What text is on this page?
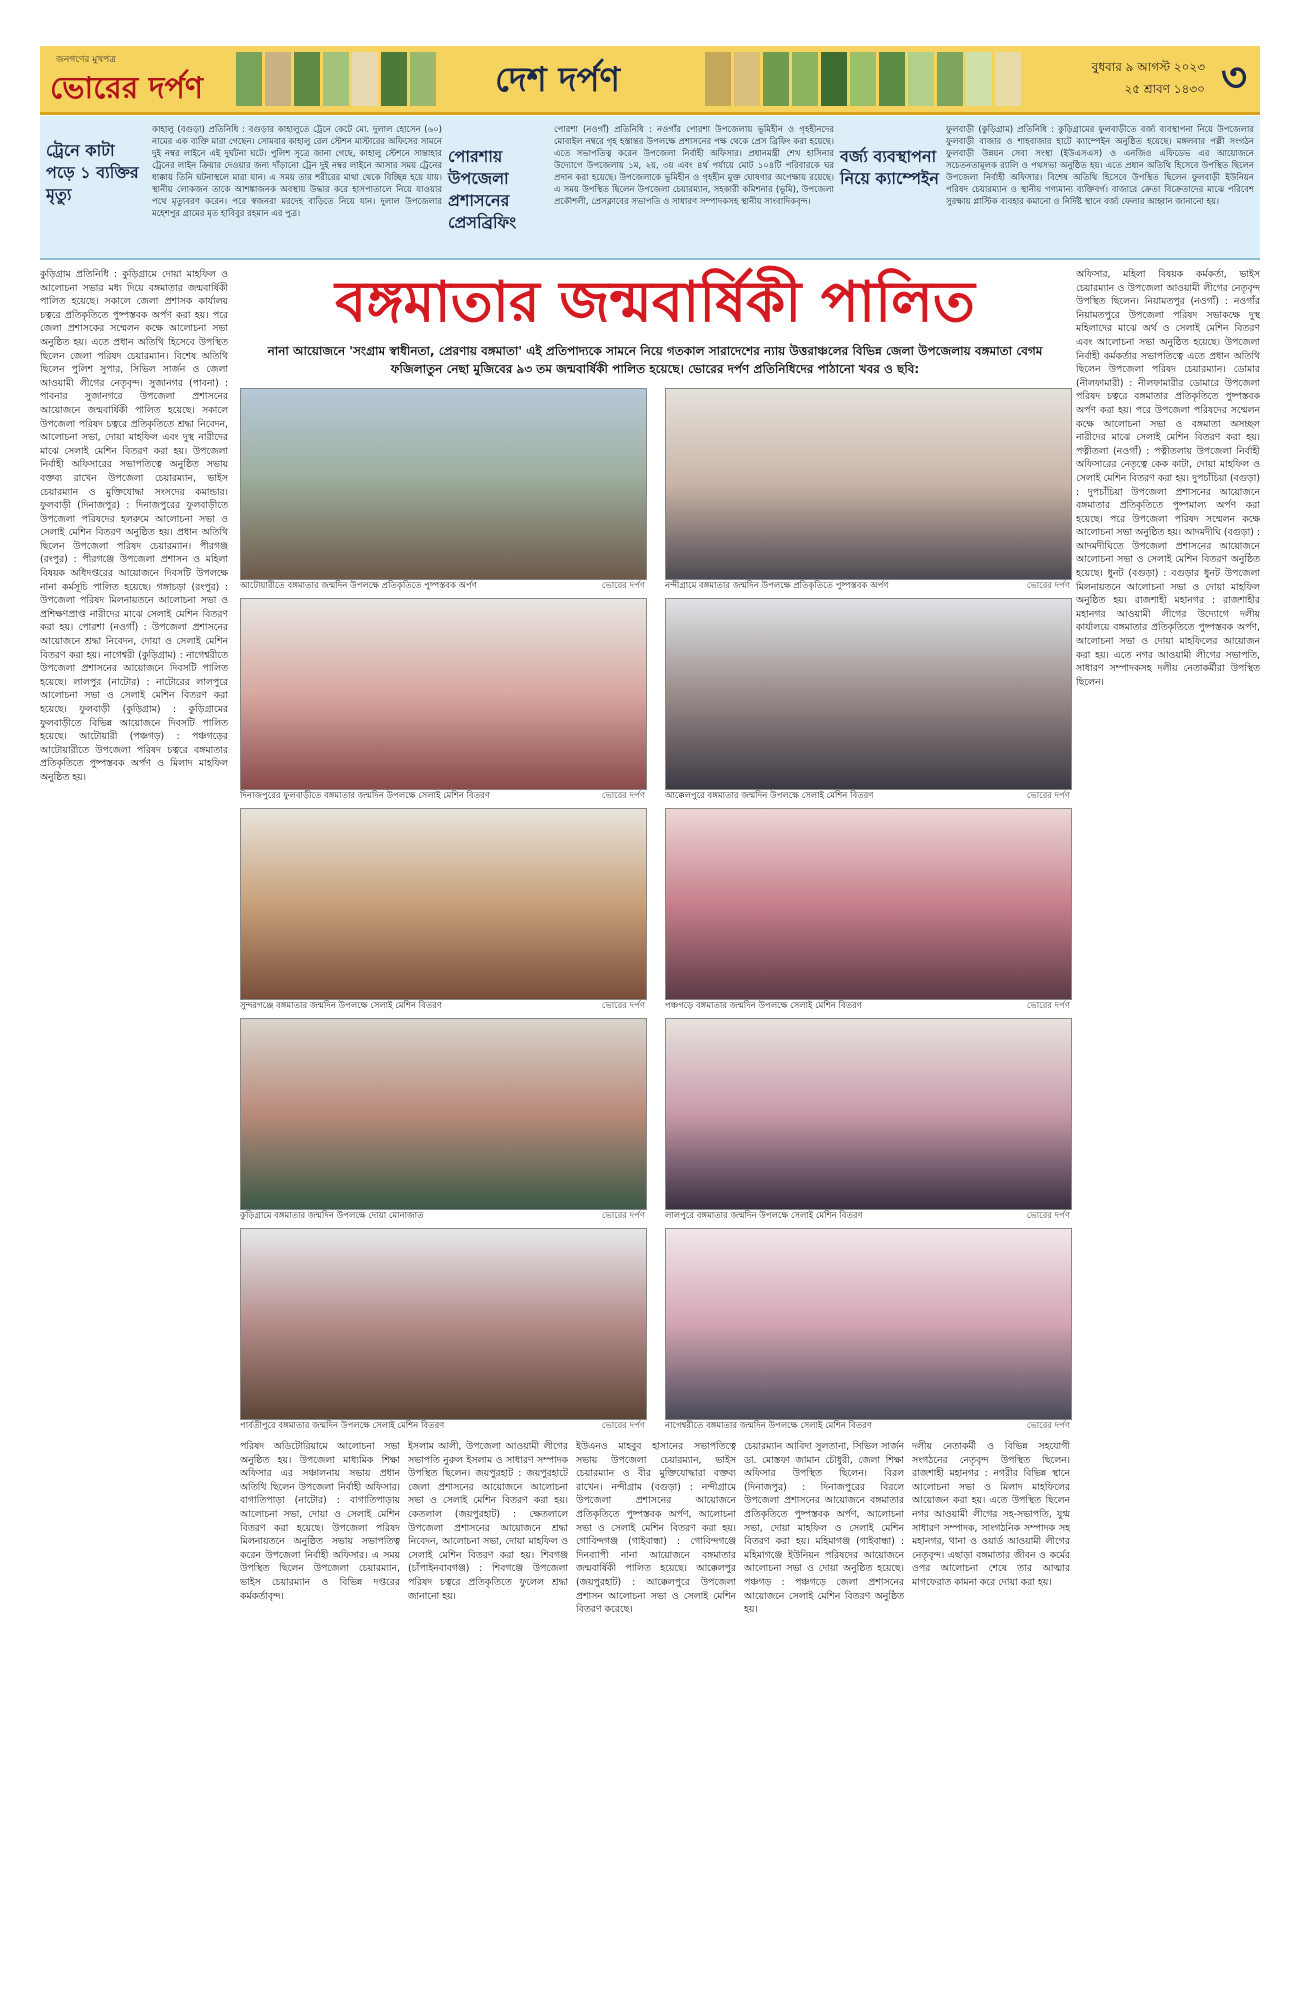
জনগণের মুখপত্র
ভোরের দর্পণ	দেশ দর্পণ	বুধবার ৯ আগস্ট ২০২৩
২৫ শ্রাবণ ১৪৩০ ৩
ট্রেনে কাটা পড়ে ১ ব্যক্তির মৃত্যু
কাহালু (বগুড়া) প্রতিনিধি : বগুড়ার কাহালুতে ট্রেনে কেটে মো. দুলাল হোসেন (৬০) নামের এক ব্যক্তি মারা গেছেন। সোমবার কাহালু রেল স্টেশন মাস্টারের অফিসের সামনে দুই নম্বর লাইনে এই দুর্ঘটনা ঘটে। পুলিশ সূত্রে জানা গেছে, কাহালু স্টেশনে সান্তাহার ট্রেনের লাইন ক্রিয়ার দেওয়ার জন্য দাঁড়ানো ট্রেন দুই নম্বর লাইনে আসার সময় ট্রেনের ধাক্কায় তিনি ঘটনাস্থলে মারা যান। এ সময় তার শরীরের মাথা থেকে বিচ্ছিন্ন হয়ে যায়। স্থানীয় লোকজন তাকে আশঙ্কাজনক অবস্থায় উদ্ধার করে হাসপাতালে নিয়ে যাওয়ার পথে মৃত্যুবরণ করেন। পরে স্বজনরা মরদেহ বাড়িতে নিয়ে যান। দুলাল উপজেলার মহেশপুর গ্রামের মৃত হাবিবুর রহমান এর পুত্র।
পোরশায় উপজেলা প্রশাসনের প্রেসব্রিফিং
পোরশা (নওগাঁ) প্রতিনিধি : নওগাঁর পোরশা উপজেলায় ভূমিহীন ও গৃহহীনদের মোবাইল নম্বরে গৃহ হস্তান্তর উপলক্ষে প্রশাসনের পক্ষ থেকে প্রেস ব্রিফিং করা হয়েছে। এতে সভাপতিত্ব করেন উপজেলা নির্বাহী অফিসার। প্রধানমন্ত্রী শেখ হাসিনার উদ্যোগে উপজেলায় ১ম, ২য়, ৩য় এবং ৪র্থ পর্যায়ে মোট ১০৪টি পরিবারকে ঘর প্রদান করা হয়েছে। উপজেলাকে ভূমিহীন ও গৃহহীন মুক্ত ঘোষণার অপেক্ষায় রয়েছে। এ সময় উপস্থিত ছিলেন উপজেলা চেয়ারম্যান, সহকারী কমিশনার (ভূমি), উপজেলা প্রকৌশলী, প্রেসক্লাবের সভাপতি ও সাধারণ সম্পাদকসহ স্থানীয় সাংবাদিকবৃন্দ।
বর্জ্য ব্যবস্থাপনা নিয়ে ক্যাম্পেইন
ফুলবাড়ী (কুড়িগ্রাম) প্রতিনিধি : কুড়িগ্রামের ফুলবাড়ীতে বর্জ্য ব্যবস্থাপনা নিয়ে উপজেলার ফুলবাড়ী বাজার ও শাহবাজার হাটে ক্যাম্পেইন অনুষ্ঠিত হয়েছে। মঙ্গলবার পল্লী সংগঠন ফুলবাড়ী উন্নয়ন সেবা সংস্থা (ইউএসএস) ও এনজিও এফিডেভ এর আয়োজনে সচেতনতামূলক র‍্যালি ও পথসভা অনুষ্ঠিত হয়। এতে প্রধান অতিথি হিসেবে উপস্থিত ছিলেন উপজেলা নির্বাহী অফিসার। বিশেষ অতিথি হিসেবে উপস্থিত ছিলেন ফুলবাড়ী ইউনিয়ন পরিষদ চেয়ারম্যান ও স্থানীয় গণ্যমান্য ব্যক্তিবর্গ। বাজারে ক্রেতা বিক্রেতাদের মাঝে পরিবেশ সুরক্ষায় প্লাস্টিক ব্যবহার কমানো ও নির্দিষ্ট স্থানে বর্জ্য ফেলার আহ্বান জানানো হয়।
বঙ্গমাতার জন্মবার্ষিকী পালিত
নানা আয়োজনে 'সংগ্রাম স্বাধীনতা, প্রেরণায় বঙ্গমাতা' এই প্রতিপাদ্যকে সামনে নিয়ে গতকাল সারাদেশের ন্যায় উত্তরাঞ্চলের বিভিন্ন জেলা উপজেলায় বঙ্গমাতা বেগম ফজিলাতুন নেছা মুজিবের ৯৩ তম জন্মবার্ষিকী পালিত হয়েছে। ভোরের দর্পণ প্রতিনিধিদের পাঠানো খবর ও ছবি:
কুড়িগ্রাম প্রতিনিধি : কুড়িগ্রামে দোয়া মাহফিল ও আলোচনা সভার মধ্য দিয়ে বঙ্গমাতার জন্মবার্ষিকী পালিত হয়েছে। সকালে জেলা প্রশাসক কার্যালয় চত্বরে প্রতিকৃতিতে পুষ্পস্তবক অর্পণ করা হয়। পরে জেলা প্রশাসকের সম্মেলন কক্ষে আলোচনা সভা অনুষ্ঠিত হয়। এতে প্রধান অতিথি হিসেবে উপস্থিত ছিলেন জেলা পরিষদ চেয়ারম্যান। বিশেষ অতিথি ছিলেন পুলিশ সুপার, সিভিল সার্জন ও জেলা আওয়ামী লীগের নেতৃবৃন্দ। সুজানগর (পাবনা) : পাবনার সুজানগরে উপজেলা প্রশাসনের আয়োজনে জন্মবার্ষিকী পালিত হয়েছে। সকালে উপজেলা পরিষদ চত্বরে প্রতিকৃতিতে শ্রদ্ধা নিবেদন, আলোচনা সভা, দোয়া মাহফিল এবং দুস্থ নারীদের মাঝে সেলাই মেশিন বিতরণ করা হয়। উপজেলা নির্বাহী অফিসারের সভাপতিত্বে অনুষ্ঠিত সভায় বক্তব্য রাখেন উপজেলা চেয়ারম্যান, ভাইস চেয়ারম্যান ও মুক্তিযোদ্ধা সংসদের কমান্ডার। ফুলবাড়ী (দিনাজপুর) : দিনাজপুরের ফুলবাড়ীতে উপজেলা পরিষদের হলরুমে আলোচনা সভা ও সেলাই মেশিন বিতরণ অনুষ্ঠিত হয়। প্রধান অতিথি ছিলেন উপজেলা পরিষদ চেয়ারম্যান। পীরগঞ্জ (রংপুর) : পীরগঞ্জে উপজেলা প্রশাসন ও মহিলা বিষয়ক অধিদপ্তরের আয়োজনে দিবসটি উপলক্ষে নানা কর্মসূচি পালিত হয়েছে। গঙ্গাচড়া (রংপুর) : উপজেলা পরিষদ মিলনায়তনে আলোচনা সভা ও প্রশিক্ষণপ্রাপ্ত নারীদের মাঝে সেলাই মেশিন বিতরণ করা হয়। পোরশা (নওগাঁ) : উপজেলা প্রশাসনের আয়োজনে শ্রদ্ধা নিবেদন, দোয়া ও সেলাই মেশিন বিতরণ করা হয়। নাগেশ্বরী (কুড়িগ্রাম) : নাগেশ্বরীতে উপজেলা প্রশাসনের আয়োজনে দিবসটি পালিত হয়েছে। লালপুর (নাটোর) : নাটোরের লালপুরে আলোচনা সভা ও সেলাই মেশিন বিতরণ করা হয়েছে। ফুলবাড়ী (কুড়িগ্রাম) : কুড়িগ্রামের ফুলবাড়ীতে বিভিন্ন আয়োজনে দিবসটি পালিত হয়েছে। আটোয়ারী (পঞ্চগড়) : পঞ্চগড়ের আটোয়ারীতে উপজেলা পরিষদ চত্বরে বঙ্গমাতার প্রতিকৃতিতে পুষ্পস্তবক অর্পণ ও মিলাদ মাহফিল অনুষ্ঠিত হয়।
অফিসার, মহিলা বিষয়ক কর্মকর্তা, ভাইস চেয়ারম্যান ও উপজেলা আওয়ামী লীগের নেতৃবৃন্দ উপস্থিত ছিলেন। নিয়ামতপুর (নওগাঁ) : নওগাঁর নিয়ামতপুরে উপজেলা পরিষদ সভাকক্ষে দুস্থ মহিলাদের মাঝে অর্থ ও সেলাই মেশিন বিতরণ এবং আলোচনা সভা অনুষ্ঠিত হয়েছে। উপজেলা নির্বাহী কর্মকর্তার সভাপতিত্বে এতে প্রধান অতিথি ছিলেন উপজেলা পরিষদ চেয়ারম্যান। ডোমার (নীলফামারী) : নীলফামারীর ডোমারে উপজেলা পরিষদ চত্বরে বঙ্গমাতার প্রতিকৃতিতে পুষ্পস্তবক অর্পণ করা হয়। পরে উপজেলা পরিষদের সম্মেলন কক্ষে আলোচনা সভা ও বঙ্গমাতা অসচ্ছল নারীদের মাঝে সেলাই মেশিন বিতরণ করা হয়। পত্নীতলা (নওগাঁ) : পত্নীতলায় উপজেলা নির্বাহী অফিসারের নেতৃত্বে কেক কাটা, দোয়া মাহফিল ও সেলাই মেশিন বিতরণ করা হয়। দুপচাঁচিয়া (বগুড়া) : দুপচাঁচিয়া উপজেলা প্রশাসনের আয়োজনে বঙ্গমাতার প্রতিকৃতিতে পুষ্পমাল্য অর্পণ করা হয়েছে। পরে উপজেলা পরিষদ সম্মেলন কক্ষে আলোচনা সভা অনুষ্ঠিত হয়। আদমদীঘি (বগুড়া) : আদমদীঘিতে উপজেলা প্রশাসনের আয়োজনে আলোচনা সভা ও সেলাই মেশিন বিতরণ অনুষ্ঠিত হয়েছে। ধুনট (বগুড়া) : বগুড়ার ধুনট উপজেলা মিলনায়তনে আলোচনা সভা ও দোয়া মাহফিল অনুষ্ঠিত হয়। রাজশাহী মহানগর : রাজশাহীর মহানগর আওয়ামী লীগের উদ্যোগে দলীয় কার্যালয়ে বঙ্গমাতার প্রতিকৃতিতে পুষ্পস্তবক অর্পণ, আলোচনা সভা ও দোয়া মাহফিলের আয়োজন করা হয়। এতে নগর আওয়ামী লীগের সভাপতি, সাধারণ সম্পাদকসহ দলীয় নেতাকর্মীরা উপস্থিত ছিলেন।
আটোয়ারীতে বঙ্গমাতার জন্মদিন উপলক্ষে প্রতিকৃতিতে পুষ্পস্তবক অর্পণ	ভোরের দর্পণ নন্দীগ্রামে বঙ্গমাতার জন্মদিন উপলক্ষে প্রতিকৃতিতে পুষ্পস্তবক অর্পণ	ভোরের দর্পণ
দিনাজপুরের ফুলবাড়ীতে বঙ্গমাতার জন্মদিন উপলক্ষে সেলাই মেশিন বিতরণ	ভোরের দর্পণ আক্কেলপুরে বঙ্গমাতার জন্মদিন উপলক্ষে সেলাই মেশিন বিতরণ	ভোরের দর্পণ
সুন্দরগঞ্জে বঙ্গমাতার জন্মদিন উপলক্ষে সেলাই মেশিন বিতরণ	ভোরের দর্পণ পঞ্চগড়ে বঙ্গমাতার জন্মদিন উপলক্ষে সেলাই মেশিন বিতরণ	ভোরের দর্পণ
কুড়িগ্রামে বঙ্গমাতার জন্মদিন উপলক্ষে দোয়া মোনাজাত	ভোরের দর্পণ লালপুরে বঙ্গমাতার জন্মদিন উপলক্ষে সেলাই মেশিন বিতরণ	ভোরের দর্পণ
পার্বতীপুরে বঙ্গমাতার জন্মদিন উপলক্ষে সেলাই মেশিন বিতরণ	ভোরের দর্পণ নাগেশ্বরীতে বঙ্গমাতার জন্মদিন উপলক্ষে সেলাই মেশিন বিতরণ	ভোরের দর্পণ
পরিষদ অডিটোরিয়ামে আলোচনা সভা অনুষ্ঠিত হয়। উপজেলা মাধ্যমিক শিক্ষা অফিসার এর সঞ্চালনায় সভায় প্রধান অতিথি ছিলেন উপজেলা নির্বাহী অফিসার। বাগাতিপাড়া (নাটোর) : বাগাতিপাড়ায় আলোচনা সভা, দোয়া ও সেলাই মেশিন বিতরণ করা হয়েছে। উপজেলা পরিষদ মিলনায়তনে অনুষ্ঠিত সভায় সভাপতিত্ব করেন উপজেলা নির্বাহী অফিসার। এ সময় উপস্থিত ছিলেন উপজেলা চেয়ারম্যান, ভাইস চেয়ারম্যান ও বিভিন্ন দপ্তরের কর্মকর্তাবৃন্দ।
ইসলাম আলী, উপজেলা আওয়ামী লীগের সভাপতি নুরুল ইসলাম ও সাধারণ সম্পাদক উপস্থিত ছিলেন। জয়পুরহাট : জয়পুরহাটে জেলা প্রশাসনের আয়োজনে আলোচনা সভা ও সেলাই মেশিন বিতরণ করা হয়। কেতলাল (জয়পুরহাট) : ক্ষেতলালে উপজেলা প্রশাসনের আয়োজনে শ্রদ্ধা নিবেদন, আলোচনা সভা, দোয়া মাহফিল ও সেলাই মেশিন বিতরণ করা হয়। শিবগঞ্জ (চাঁপাইনবাবগঞ্জ) : শিবগঞ্জে উপজেলা পরিষদ চত্বরে প্রতিকৃতিতে ফুলেল শ্রদ্ধা জানানো হয়।
ইউএনও মাহবুব হাসানের সভাপতিত্বে সভায় উপজেলা চেয়ারম্যান, ভাইস চেয়ারম্যান ও বীর মুক্তিযোদ্ধারা বক্তব্য রাখেন। নন্দীগ্রাম (বগুড়া) : নন্দীগ্রামে উপজেলা প্রশাসনের আয়োজনে প্রতিকৃতিতে পুষ্পস্তবক অর্পণ, আলোচনা সভা ও সেলাই মেশিন বিতরণ করা হয়। গোবিন্দগঞ্জ (গাইবান্ধা) : গোবিন্দগঞ্জে দিনব্যাপী নানা আয়োজনে বঙ্গমাতার জন্মবার্ষিকী পালিত হয়েছে। আক্কেলপুর (জয়পুরহাট) : আক্কেলপুরে উপজেলা প্রশাসন আলোচনা সভা ও সেলাই মেশিন বিতরণ করেছে।
চেয়ারম্যান আবিদা সুলতানা, সিভিল সার্জন ডা. মোস্তফা জামান চৌধুরী, জেলা শিক্ষা অফিসার উপস্থিত ছিলেন। বিরল (দিনাজপুর) : দিনাজপুরের বিরলে উপজেলা প্রশাসনের আয়োজনে বঙ্গমাতার প্রতিকৃতিতে পুষ্পস্তবক অর্পণ, আলোচনা সভা, দোয়া মাহফিল ও সেলাই মেশিন বিতরণ করা হয়। মহিমাগঞ্জ (গাইবান্ধা) : মহিমাগঞ্জে ইউনিয়ন পরিষদের আয়োজনে আলোচনা সভা ও দোয়া অনুষ্ঠিত হয়েছে। পঞ্চগড় : পঞ্চগড়ে জেলা প্রশাসনের আয়োজনে সেলাই মেশিন বিতরণ অনুষ্ঠিত হয়।
দলীয় নেতাকর্মী ও বিভিন্ন সহযোগী সংগঠনের নেতৃবৃন্দ উপস্থিত ছিলেন। রাজশাহী মহানগর : নগরীর বিভিন্ন স্থানে আলোচনা সভা ও মিলাদ মাহফিলের আয়োজন করা হয়। এতে উপস্থিত ছিলেন নগর আওয়ামী লীগের সহ-সভাপতি, যুগ্ম সাধারণ সম্পাদক, সাংগঠনিক সম্পাদক সহ মহানগর, থানা ও ওয়ার্ড আওয়ামী লীগের নেতৃবৃন্দ। এছাড়া বঙ্গমাতার জীবন ও কর্মের ওপর আলোচনা শেষে তার আত্মার মাগফেরাত কামনা করে দোয়া করা হয়।
